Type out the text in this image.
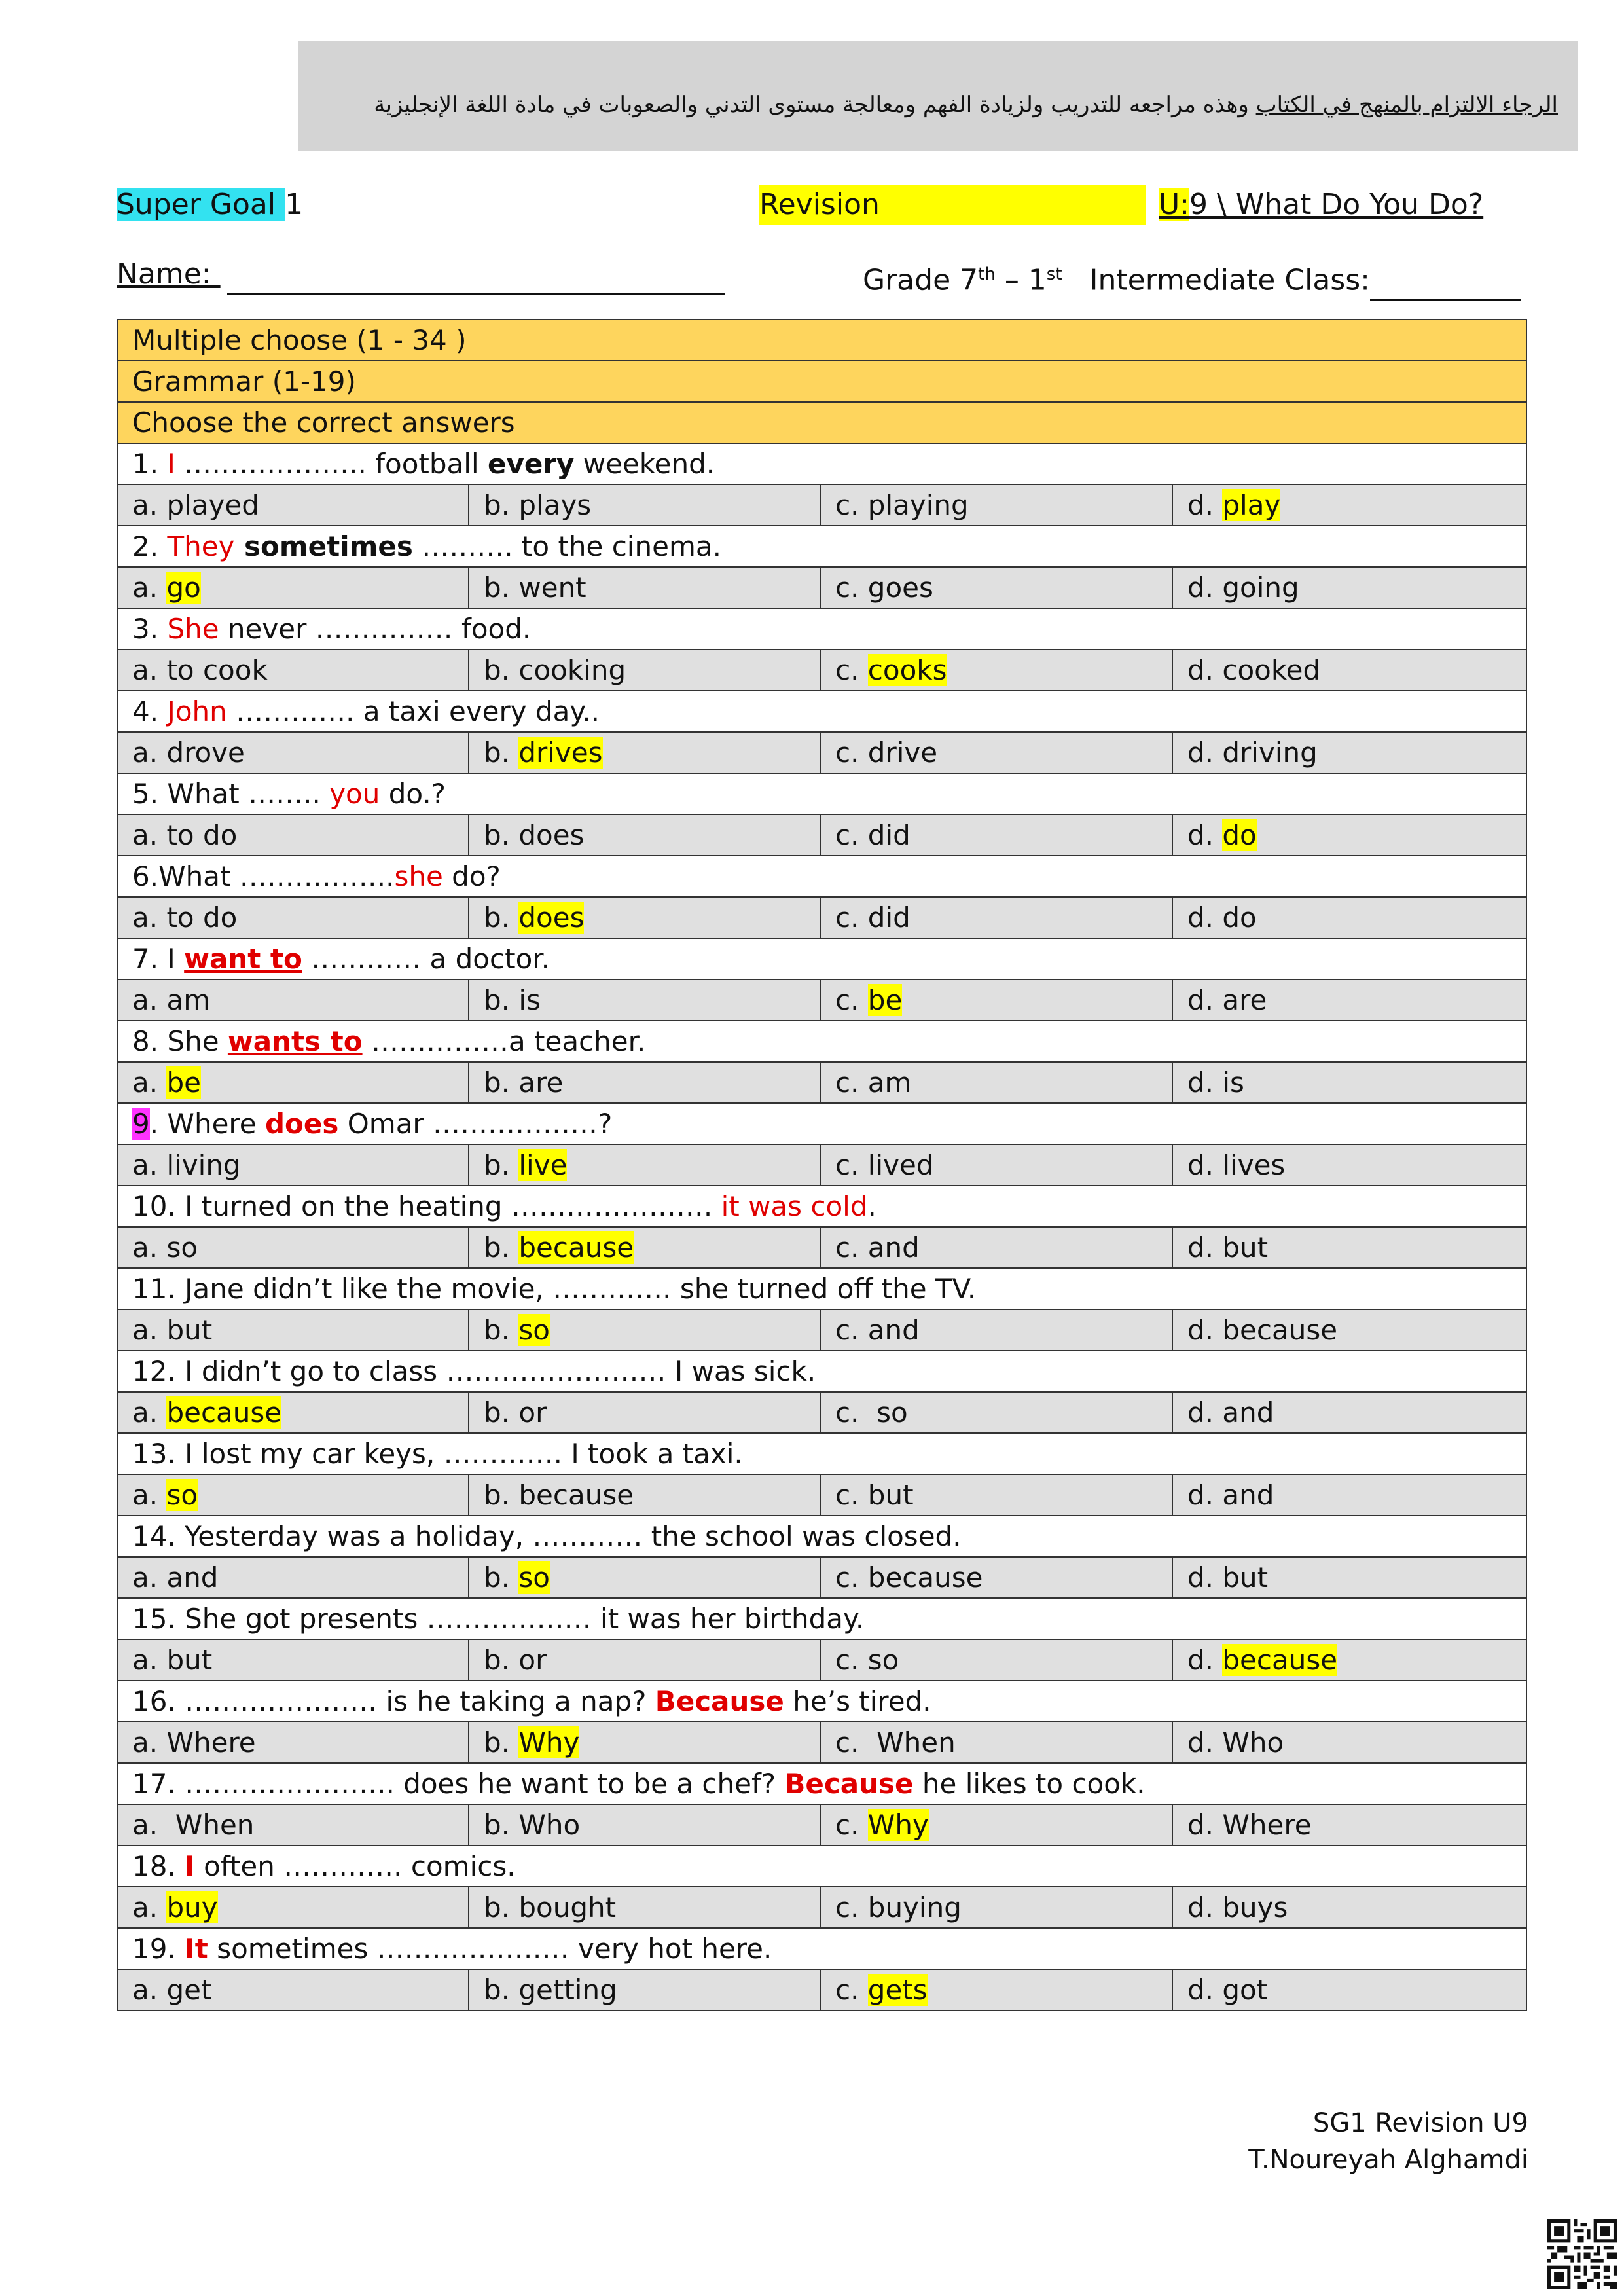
الرجاء الالتزام بالمنهج في الكتاب وهذه مراجعه للتدريب ولزيادة الفهم ومعالجة مستوى التدني والصعوبات في مادة اللغة الإنجليزية
Super Goal 1	Revision	U:9 \ What Do You Do?
Name:	Grade 7th – 1st   Intermediate Class:
Multiple choose (1 - 34 )			
Grammar (1-19)			
Choose the correct answers			
1. I ……………….. football every weekend.			
a. played	b. plays	c. playing	d. play
2. They sometimes ………. to the cinema.			
a. go	b. went	c. goes	d. going
3. She never …………… food.			
a. to cook	b. cooking	c. cooks	d. cooked
4. John …………. a taxi every day..			
a. drove	b. drives	c. drive	d. driving
5. What …….. you do.?			
a. to do	b. does	c. did	d. do
6.What ……………..she do?			
a. to do	b. does	c. did	d. do
7. I want to ………… a doctor.			
a. am	b. is	c. be	d. are
8. She wants to ……………a teacher.			
a. be	b. are	c. am	d. is
9. Where does Omar ………………?			
a. living	b. live	c. lived	d. lives
10. I turned on the heating …………………. it was cold.			
a. so	b. because	c. and	d. but
11. Jane didn’t like the movie, …………. she turned off the TV.			
a. but	b. so	c. and	d. because
12. I didn’t go to class …………………… I was sick.			
a. because	b. or	c.  so	d. and
13. I lost my car keys, …………. I took a taxi.			
a. so	b. because	c. but	d. and
14. Yesterday was a holiday, ………… the school was closed.			
a. and	b. so	c. because	d. but
15. She got presents ……………… it was her birthday.			
a. but	b. or	c. so	d. because
16. ………………… is he taking a nap? Because he’s tired.			
a. Where	b. Why	c.  When	d. Who
17. ………………….. does he want to be a chef? Because he likes to cook.			
a.  When	b. Who	c. Why	d. Where
18. I often …………. comics.			
a. buy	b. bought	c. buying	d. buys
19. It sometimes ………………… very hot here.			
a. get	b. getting	c. gets	d. got
SG1 Revision U9
T.Noureyah Alghamdi
